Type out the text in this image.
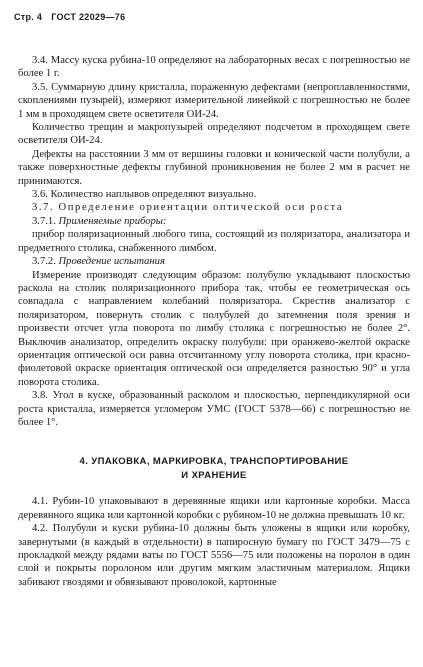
Стр. 4 ГОСТ 22029—76

3.4. Массу куска рубина-10 определяют на лабораторных весах с погрешностью не более 1 г.

3.5. Суммарную длину кристалла, пораженную дефектами (непроплавленностями, скоплениями пузырей), измеряют измерительной линейкой с погрешностью не более 1 мм в проходящем свете осветителя ОИ-24.

Количество трещин и макропузырей определяют подсчетом в проходящем свете осветителя ОИ-24.

Дефекты на расстоянии 3 мм от вершины головки и конической части полубули, а также поверхностные дефекты глубиной проникновения не более 2 мм в расчет не принимаются.

3.6. Количество наплывов определяют визуально.

3.7. Определение ориентации оптической оси роста

3.7.1. Применяемые приборы:

прибор поляризационный любого типа, состоящий из поляризатора, анализатора и предметного столика, снабженного лимбом.

3.7.2. Проведение испытания

Измерение производят следующим образом: полубулю укладывают плоскостью раскола на столик поляризационного прибора так, чтобы ее геометрическая ось совпадала с направлением колебаний поляризатора. Скрестив анализатор с поляризатором, повернуть столик с полубулей до затемнения поля зрения и произвести отсчет угла поворота по лимбу столика с погрешностью не более 2°. Выключив анализатор, определить окраску полубули: при оранжево-желтой окраске ориентация оптической оси равна отсчитанному углу поворота столика, при красно-фиолетовой окраске ориентация оптической оси определяется разностью 90° и угла поворота столика.

3.8. Угол в куске, образованный расколом и плоскостью, перпендикулярной оси роста кристалла, измеряется угломером УМС (ГОСТ 5378—66) с погрешностью не более 1°.

4. УПАКОВКА, МАРКИРОВКА, ТРАНСПОРТИРОВАНИЕ

И ХРАНЕНИЕ

4.1. Рубин-10 упаковывают в деревянные ящики или картонные коробки. Масса деревянного ящика или картонной коробки с рубином-10 не должна превышать 10 кг.

4.2. Полубули и куски рубина-10 должны быть уложены в ящики или коробку, завернутыми (в каждый в отдельности) в папиросную бумагу по ГОСТ 3479—75 с прокладкой между рядами ваты по ГОСТ 5556—75 или положены на поролон в один слой и покрыты поролоном или другим мягким эластичным материалом. Ящики забивают гвоздями и обвязывают проволокой, картонные
